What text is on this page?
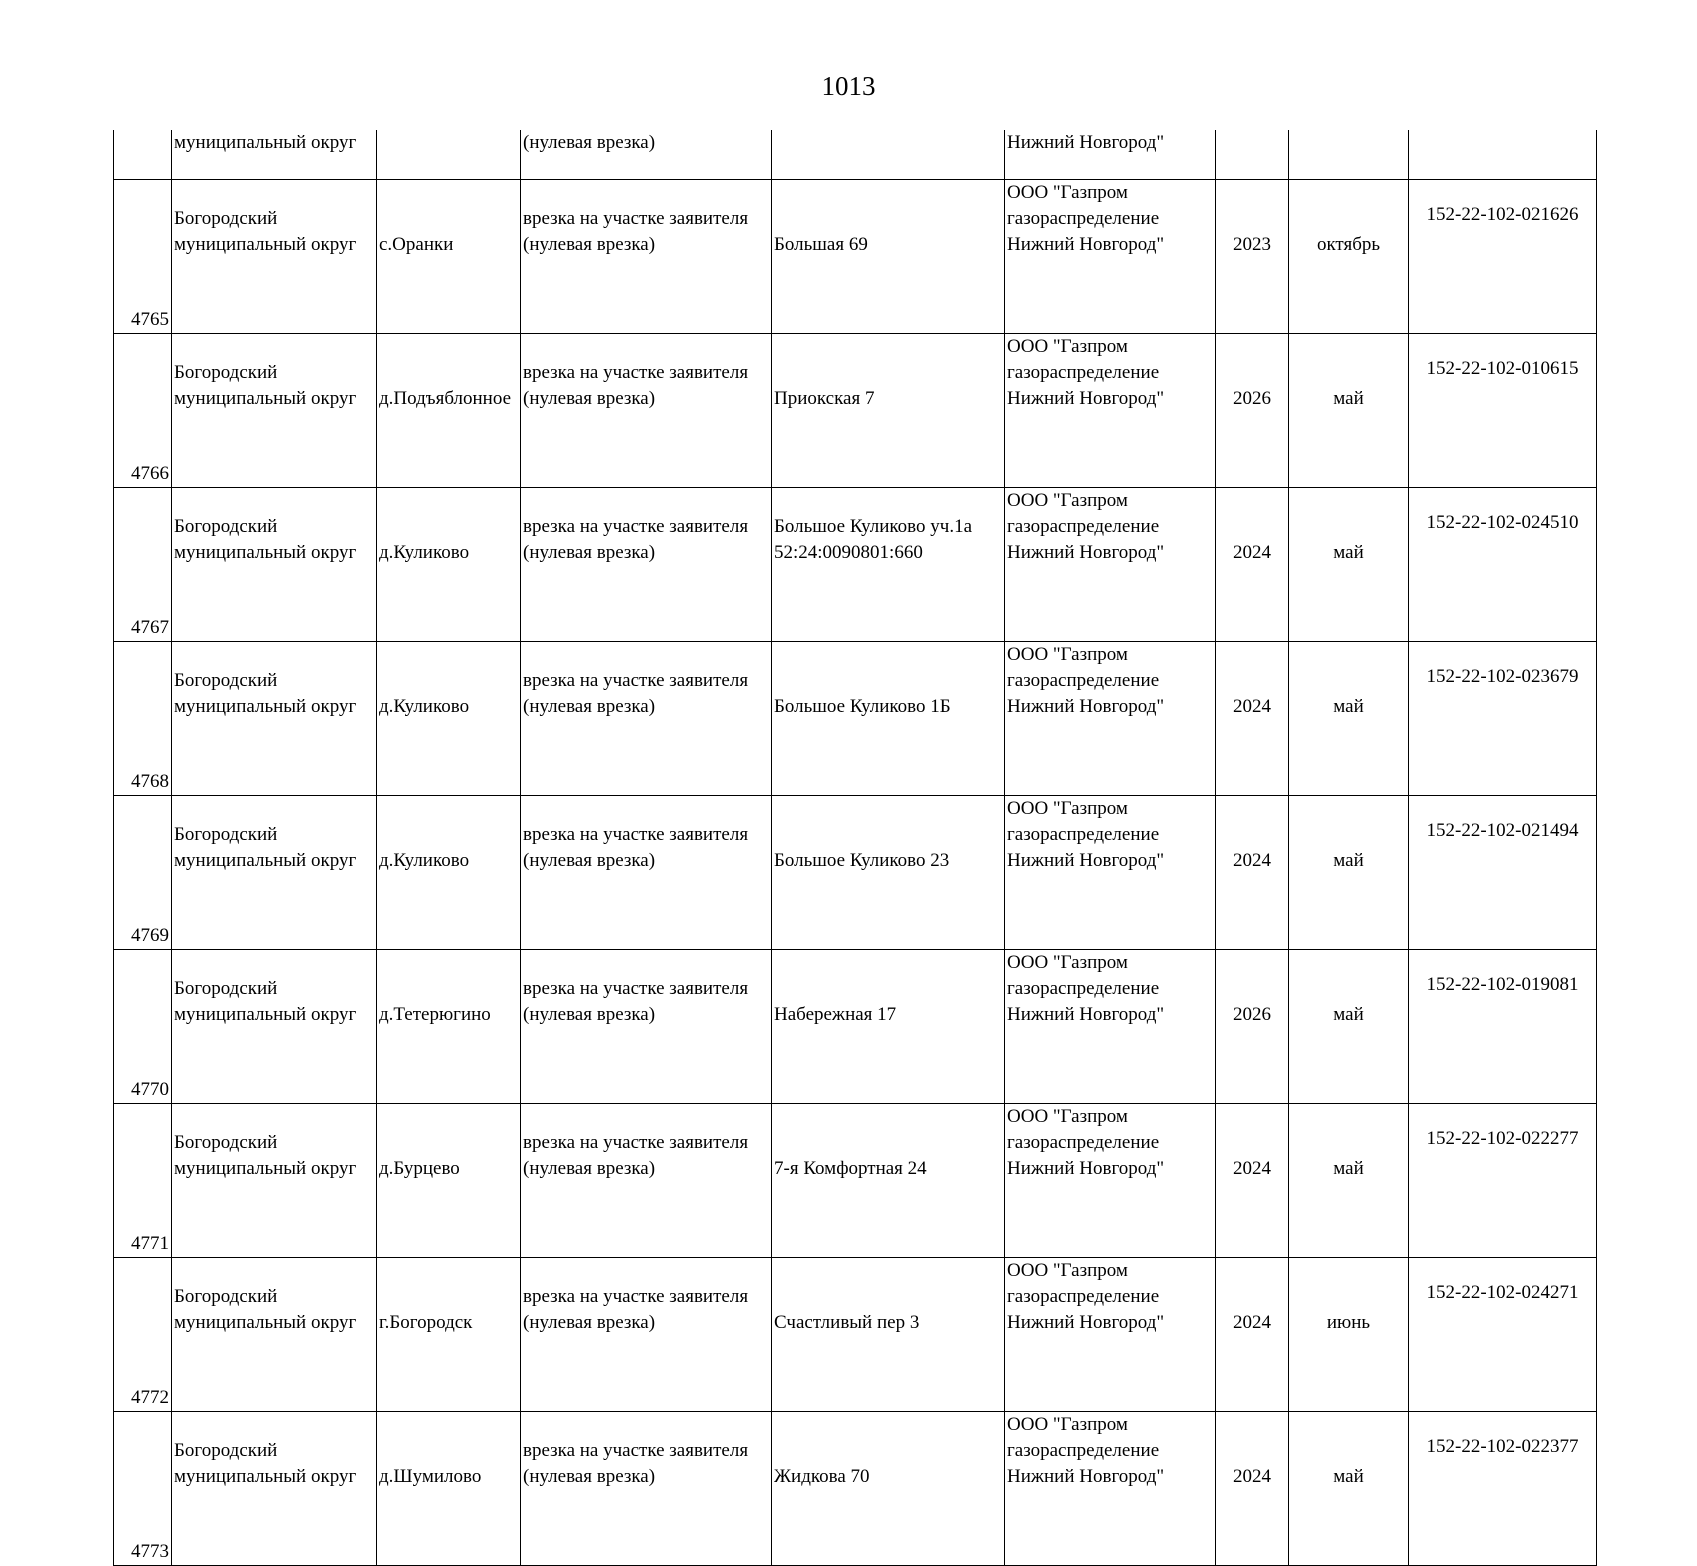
1013
	муниципальный округ		(нулевая врезка)		Нижний Новгород"			
4765	Богородский
муниципальный округ	с.Оранки	врезка на участке заявителя
(нулевая врезка)	Большая 69	ООО "Газпром
газораспределение
Нижний Новгород"	2023	октябрь	152-22-102-021626
4766	Богородский
муниципальный округ	д.Подъяблонное	врезка на участке заявителя
(нулевая врезка)	Приокская 7	ООО "Газпром
газораспределение
Нижний Новгород"	2026	май	152-22-102-010615
4767	Богородский
муниципальный округ	д.Куликово	врезка на участке заявителя
(нулевая врезка)	Большое Куликово уч.1а
52:24:0090801:660	ООО "Газпром
газораспределение
Нижний Новгород"	2024	май	152-22-102-024510
4768	Богородский
муниципальный округ	д.Куликово	врезка на участке заявителя
(нулевая врезка)	Большое Куликово 1Б	ООО "Газпром
газораспределение
Нижний Новгород"	2024	май	152-22-102-023679
4769	Богородский
муниципальный округ	д.Куликово	врезка на участке заявителя
(нулевая врезка)	Большое Куликово 23	ООО "Газпром
газораспределение
Нижний Новгород"	2024	май	152-22-102-021494
4770	Богородский
муниципальный округ	д.Тетерюгино	врезка на участке заявителя
(нулевая врезка)	Набережная 17	ООО "Газпром
газораспределение
Нижний Новгород"	2026	май	152-22-102-019081
4771	Богородский
муниципальный округ	д.Бурцево	врезка на участке заявителя
(нулевая врезка)	7-я Комфортная 24	ООО "Газпром
газораспределение
Нижний Новгород"	2024	май	152-22-102-022277
4772	Богородский
муниципальный округ	г.Богородск	врезка на участке заявителя
(нулевая врезка)	Счастливый пер 3	ООО "Газпром
газораспределение
Нижний Новгород"	2024	июнь	152-22-102-024271
4773	Богородский
муниципальный округ	д.Шумилово	врезка на участке заявителя
(нулевая врезка)	Жидкова 70	ООО "Газпром
газораспределение
Нижний Новгород"	2024	май	152-22-102-022377
